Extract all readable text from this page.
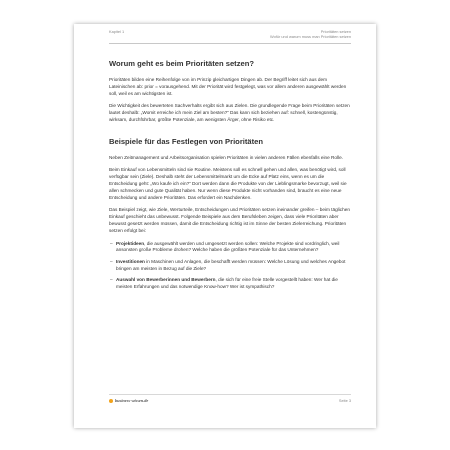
Kapitel 1	Prioritäten setzen
Wofür und warum muss man Prioritäten setzen
Worum geht es beim Prioritäten setzen?

Prioritäten bilden eine Reihenfolge von im Prinzip gleichartigen Dingen ab. Der Begriff leitet sich aus dem Lateinischen ab: prior = vorausgehend. Mit der Priorität wird festgelegt, was vor allem anderen ausgewählt werden soll, weil es am wichtigsten ist.

Die Wichtigkeit des bewerteten Sachverhalts ergibt sich aus Zielen. Die grundlegende Frage beim Prioritäten setzen lautet deshalb: „Womit erreiche ich mein Ziel am besten?“ Das kann sich beziehen auf: schnell, kostengünstig, wirksam, durchführbar, größte Potenziale, am wenigsten Ärger, ohne Risiko etc.

Beispiele für das Festlegen von Prioritäten

Neben Zeitmanagement und Arbeitsorganisation spielen Prioritäten in vielen anderen Fällen ebenfalls eine Rolle.

Beim Einkauf von Lebensmitteln sind sie Routine. Meistens soll es schnell gehen und allen, was benötigt wird, soll verfügbar sein (Ziele). Deshalb steht der Lebensmittelmarkt um die Ecke auf Platz eins, wenn es um die Entscheidung geht: „Wo kaufe ich ein?“ Dort werden dann die Produkte von der Lieblingsmarke bevorzugt, weil sie allen schmecken und gute Qualität haben. Nur wenn diese Produkte nicht vorhanden sind, braucht es eine neue Entscheidung und andere Prioritäten. Das erfordert ein Nachdenken.

Das Beispiel zeigt, wie Ziele, Werturteile, Entscheidungen und Prioritäten setzen ineinander greifen – beim täglichen Einkauf geschieht das unbewusst. Folgende Beispiele aus dem Berufsleben zeigen, dass viele Prioritäten aber bewusst gesetzt werden müssen, damit die Entscheidung richtig ist im Sinne der besten Zielerreichung. Prioritäten setzen erfolgt bei:

– Projektideen, die ausgewählt werden und umgesetzt werden sollen: Welche Projekte sind vordringlich, weil ansonsten große Probleme drohen? Welche haben die größten Potenziale für das Unternehmen?
– Investitionen in Maschinen und Anlagen, die beschafft werden müssen: Welche Lösung und welches Angebot bringen am meisten in Bezug auf die Ziele?
– Auswahl von Bewerberinnen und Bewerbern, die sich für eine freie Stelle vorgestellt haben: Wer hat die meisten Erfahrungen und das notwendige Know-how? Wer ist sympathisch?
business-wissen.de	Seite 3
